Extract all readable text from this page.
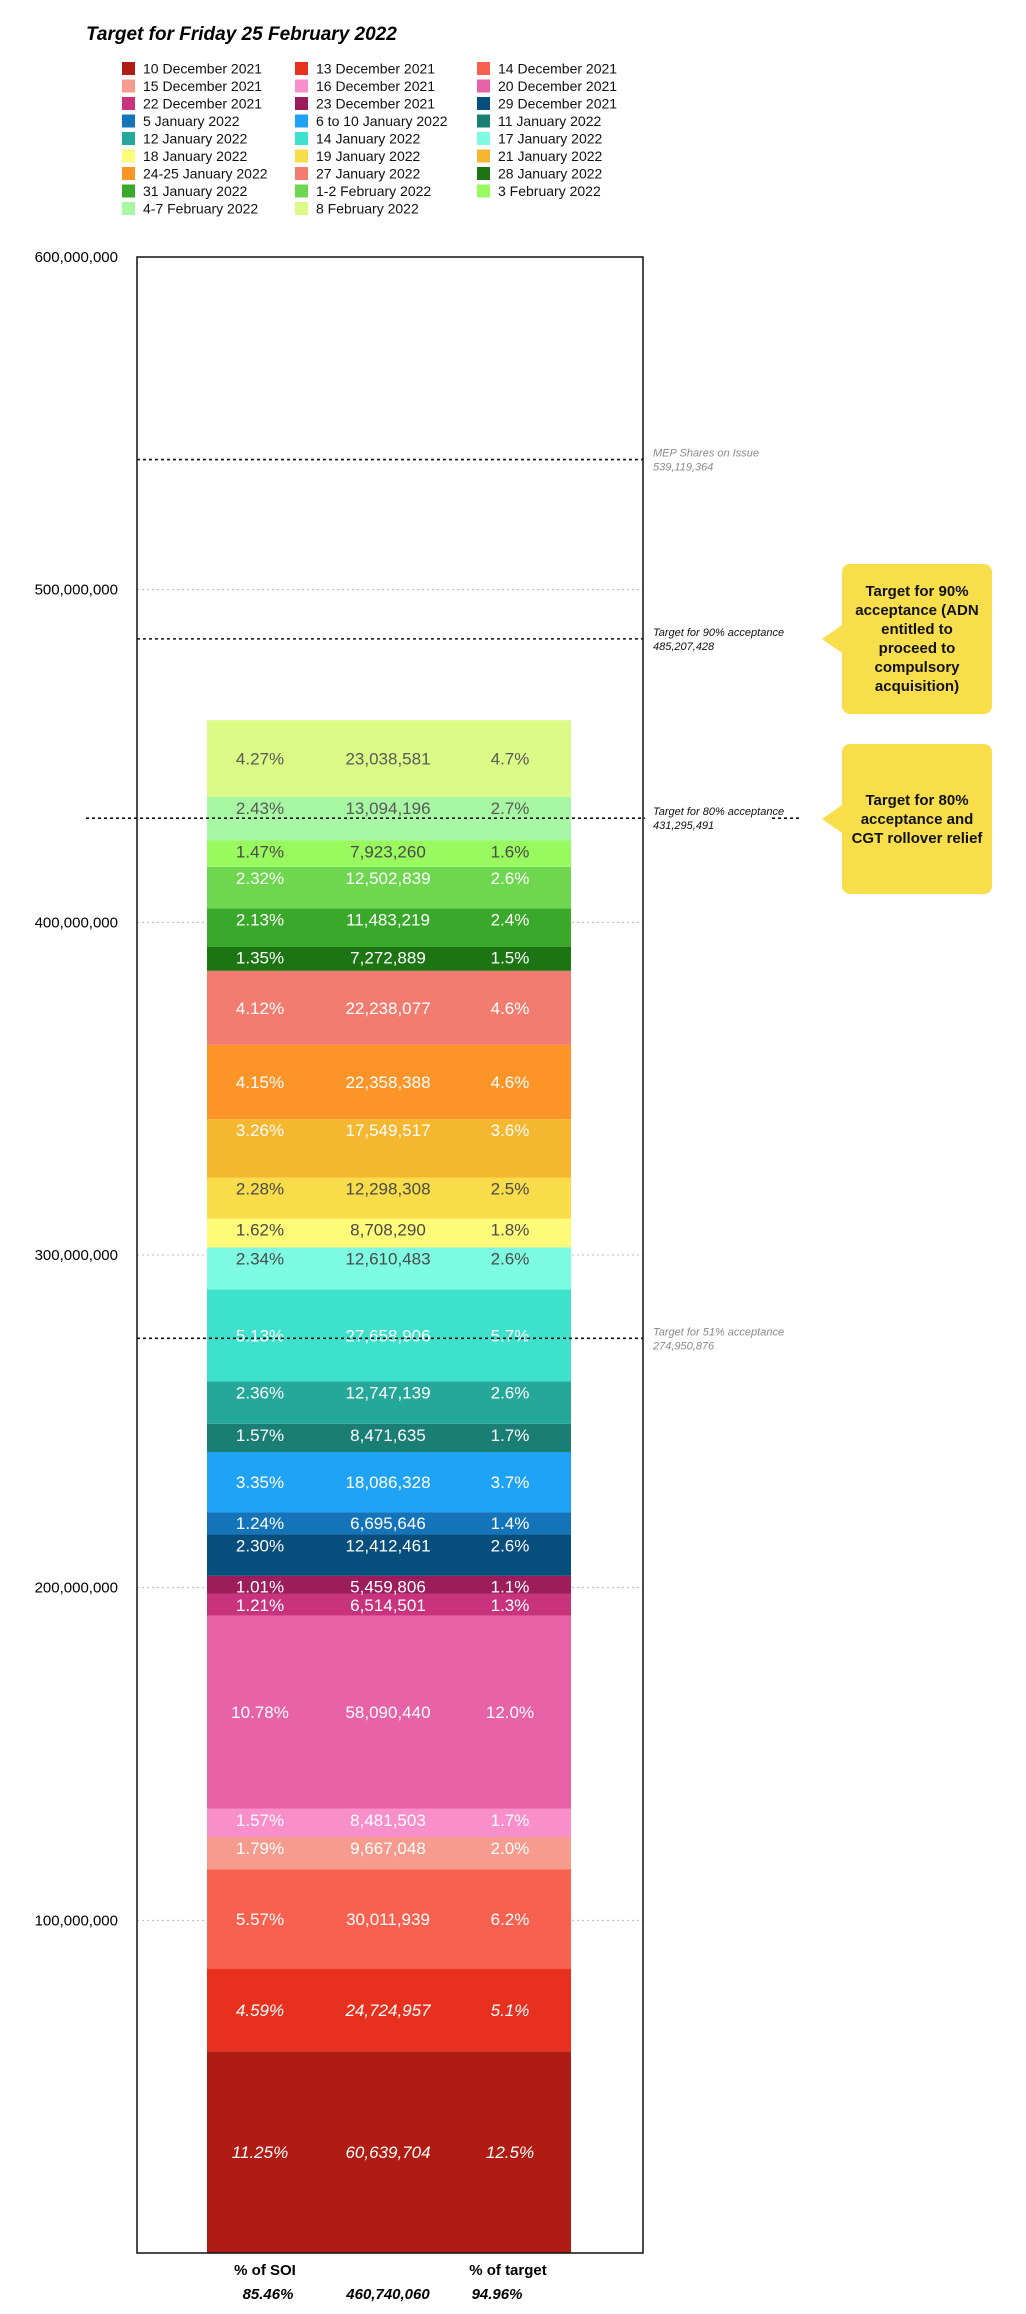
Target for Friday 25 February 2022
10 December 2021	13 December 2021	14 December 2021
15 December 2021	16 December 2021	20 December 2021
22 December 2021	23 December 2021	29 December 2021
5 January 2022	6 to 10 January 2022	11 January 2022
12 January 2022	14 January 2022	17 January 2022
18 January 2022	19 January 2022	21 January 2022
24-25 January 2022	27 January 2022	28 January 2022
31 January 2022	1-2 February 2022	3 February 2022
4-7 February 2022	8 February 2022
100,000,000
200,000,000
300,000,000
400,000,000
500,000,000
600,000,000
11.25%	60,639,704	12.5%
4.59%	24,724,957	5.1%
5.57%	30,011,939	6.2%
1.79%	9,667,048	2.0%
1.57%	8,481,503	1.7%
10.78%	58,090,440	12.0%
1.21%	6,514,501	1.3%
1.01%	5,459,806	1.1%
2.30%	12,412,461	2.6%
1.24%	6,695,646	1.4%
3.35%	18,086,328	3.7%
1.57%	8,471,635	1.7%
2.36%	12,747,139	2.6%
5.13%	27,658,906	5.7%
2.34%	12,610,483	2.6%
1.62%	8,708,290	1.8%
2.28%	12,298,308	2.5%
3.26%	17,549,517	3.6%
4.15%	22,358,388	4.6%
4.12%	22,238,077	4.6%
1.35%	7,272,889	1.5%
2.13%	11,483,219	2.4%
2.32%	12,502,839	2.6%
1.47%	7,923,260	1.6%
2.43%	13,094,196	2.7%
4.27%	23,038,581	4.7%
MEP Shares on Issue
539,119,364
Target for 90% acceptance
485,207,428
Target for 80% acceptance
431,295,491
Target for 51% acceptance
274,950,876
% of SOI	% of target
85.46%	460,740,060	94.96%
Target for 90% acceptance (ADN entitled to proceed to compulsory acquisition)
Target for 80% acceptance and CGT rollover relief
